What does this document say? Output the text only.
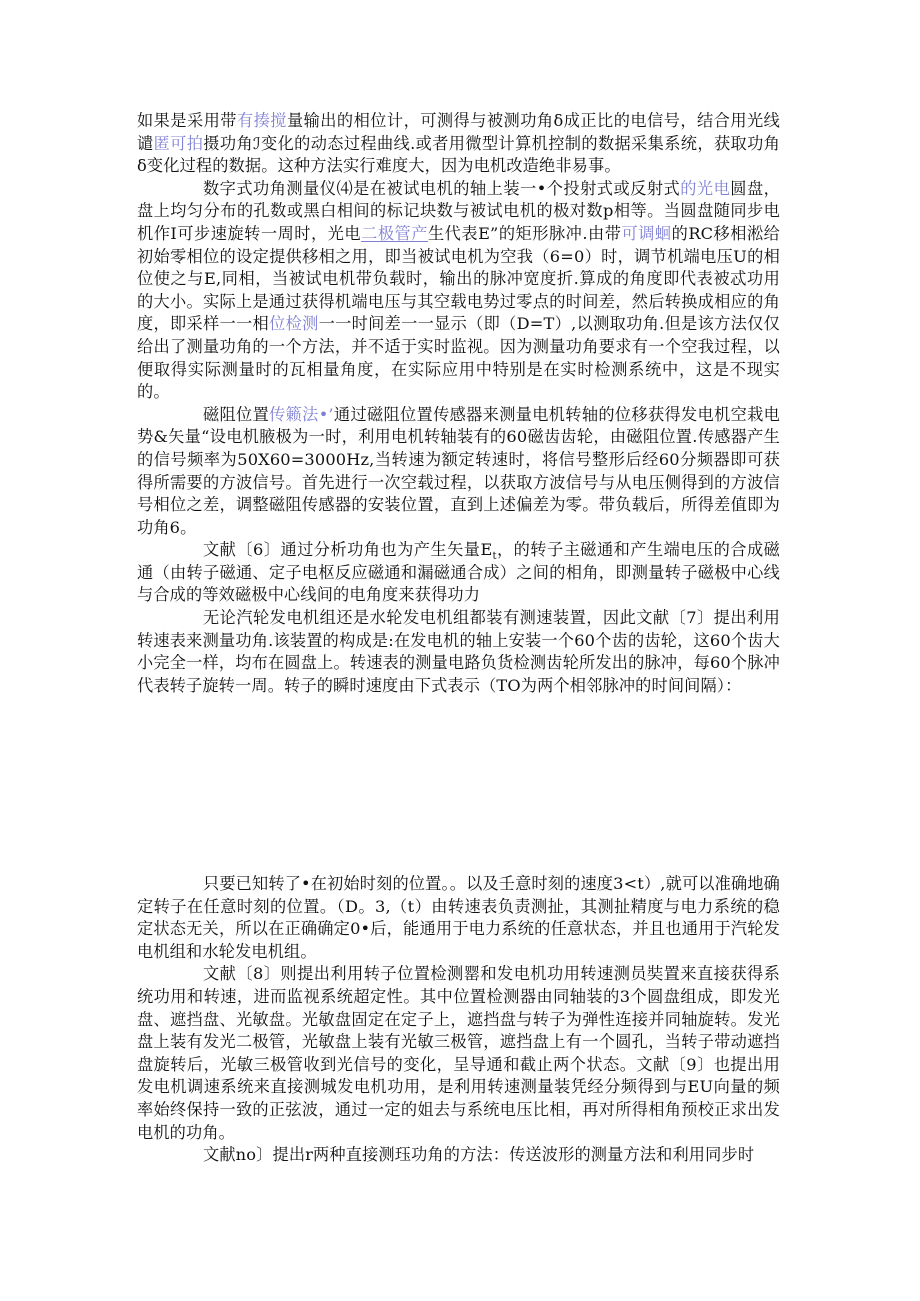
如果是采用带有揍搅量输出的相位计，可测得与被测功角δ成正比的电信号，结合用光线谴匿可拍摄功角ℐ变化的动态过程曲线.或者用微型计算机控制的数据采集系统，获取功角δ变化过程的数据。这种方法实行难度大，因为电机改造绝非易事。

数字式功角测量仪⑷是在被试电机的轴上装一•个投射式或反射式的光电圆盘，盘上均匀分布的孔数或黑白相间的标记块数与被试电机的极对数p相等。当圆盘随同步电机作I可步速旋转一周时，光电二极管产生代表E”的矩形脉冲.由带可调蛔的RC移相淞给初始零相位的设定提供移相之用，即当被试电机为空我（6=0）时，调节机端电压U的相位使之与E,同相，当被试电机带负载时，输出的脉冲宽度折.算成的角度即代表被忒功用的大小。实际上是通过获得机端电压与其空载电势过零点的时间差，然后转换成相应的角度，即采样一一相位检测一一时间差一一显示（即（D=T）,以测取功角.但是该方法仅仅给出了测量功角的一个方法，并不适于实时监视。因为测量功角要求有一个空我过程，以便取得实际测量时的瓦相量角度，在实际应用中特别是在实时检测系统中，这是不现实的。

磁阻位置传籁法•’通过磁阻位置传感器来测量电机转轴的位移获得发电机空栽电势&矢量“设电机腋极为一时，利用电机转轴装有的60磁齿齿轮，由磁阻位置.传感器产生的信号频率为50X60=3000Hz,当转速为额定转速时，将信号整形后经60分频器即可获得所需要的方波信号。首先进行一次空载过程，以获取方波信号与从电压侧得到的方波信号相位之差，调整磁阻传感器的安装位置，直到上述偏差为零。带负载后，所得差值即为功角6。

文献〔6〕通过分析功角也为产生矢量$E_t$，的转子主磁通和产生端电压的合成磁通（由转子磁通、定子电枢反应磁通和漏磁通合成）之间的相角，即测量转子磁极中心线与合成的等效磁极中心线间的电角度来获得功力

无论汽轮发电机组还是水轮发电机组都装有测速装置，因此文献〔7〕提出利用转速表来测量功角.该装置的构成是:在发电机的轴上安装一个60个齿的齿轮，这60个齿大小完全一样，均布在圆盘上。转速表的测量电路负货检测齿轮所发出的脉冲，每60个脉冲代表转子旋转一周。转子的瞬时速度由下式表示（TO为两个相邻脉冲的时间间隔）：

只要已知转了•在初始时刻的位置。。以及壬意时刻的速度3<t）,就可以准确地确定转子在任意时刻的位置。（D。3,（t）由转速表负责测扯，其测扯精度与电力系统的稳定状态无关，所以在正确确定0•后，能通用于电力系统的任意状态，并且也通用于汽轮发电机组和水轮发电机组。

文献〔8〕则提出利用转子位置检测罂和发电机功用转速测员奘置来直接获得系统功用和转速，进而监视系统超定性。其中位置检测器由同轴装的3个圆盘组成，即发光盘、遮挡盘、光敏盘。光敏盘固定在定子上，遮挡盘与转子为弹性连接并同轴旋转。发光盘上装有发光二极管，光敏盘上装有光敏三极管，遮挡盘上有一个圆孔，当转子带动遮挡盘旋转后，光敏三极管收到光信号的变化，呈导通和截止两个状态。文献〔9〕也提出用发电机调速系统来直接测城发电机功用，是利用转速测量装凭经分频得到与EU向量的频率始终保持一致的正弦波，通过一定的姐去与系统电压比相，再对所得相角预校正求出发电机的功角。

文献no〕提出r两种直接测珏功角的方法：传送波形的测量方法和利用同步时
